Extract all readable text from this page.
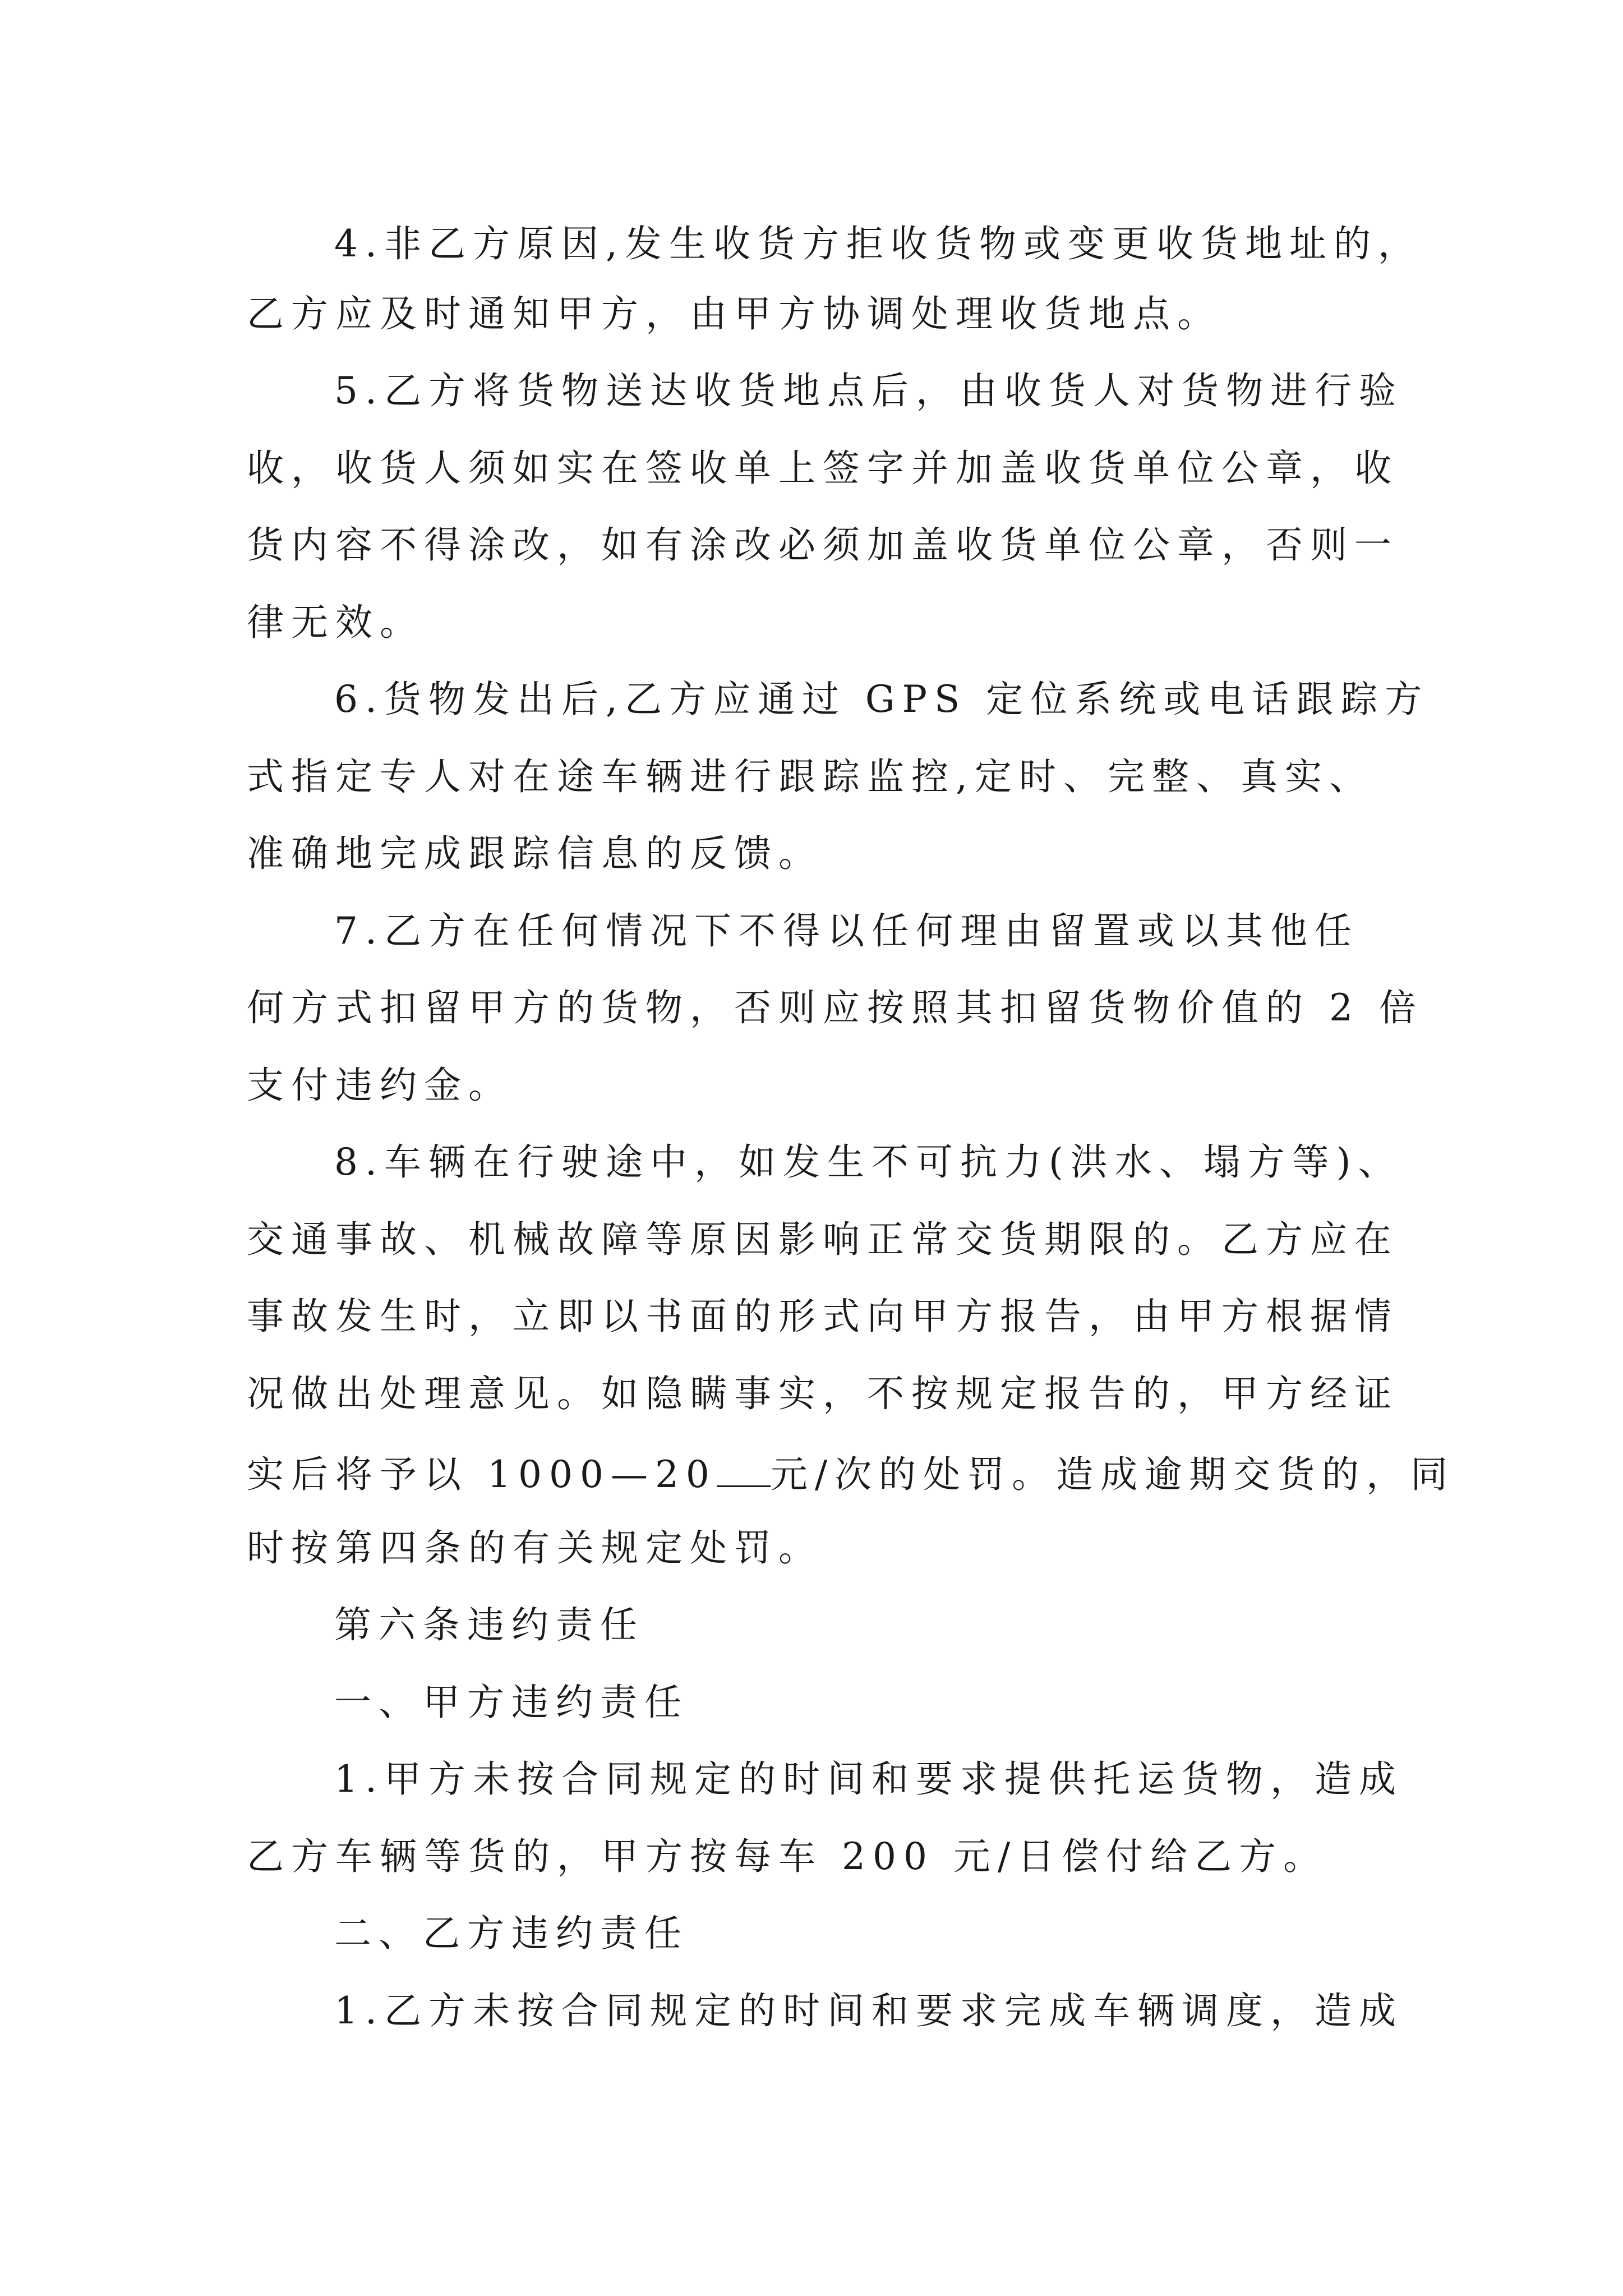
4.非乙方原因,发生收货方拒收货物或变更收货地址的，
乙方应及时通知甲方，由甲方协调处理收货地点。
5.乙方将货物送达收货地点后，由收货人对货物进行验
收，收货人须如实在签收单上签字并加盖收货单位公章，收
货内容不得涂改，如有涂改必须加盖收货单位公章，否则一
律无效。
6.货物发出后,乙方应通过 GPS 定位系统或电话跟踪方
式指定专人对在途车辆进行跟踪监控,定时、完整、真实、
准确地完成跟踪信息的反馈。
7.乙方在任何情况下不得以任何理由留置或以其他任
何方式扣留甲方的货物，否则应按照其扣留货物价值的 2 倍
支付违约金。
8.车辆在行驶途中，如发生不可抗力(洪水、塌方等)、
交通事故、机械故障等原因影响正常交货期限的。乙方应在
事故发生时，立即以书面的形式向甲方报告，由甲方根据情
况做出处理意见。如隐瞒事实，不按规定报告的，甲方经证
实后将予以 1000—20 元/次的处罚。造成逾期交货的，同
时按第四条的有关规定处罚。
第六条违约责任
一、甲方违约责任
1.甲方未按合同规定的时间和要求提供托运货物，造成
乙方车辆等货的，甲方按每车 200 元/日偿付给乙方。
二、乙方违约责任
1.乙方未按合同规定的时间和要求完成车辆调度，造成
